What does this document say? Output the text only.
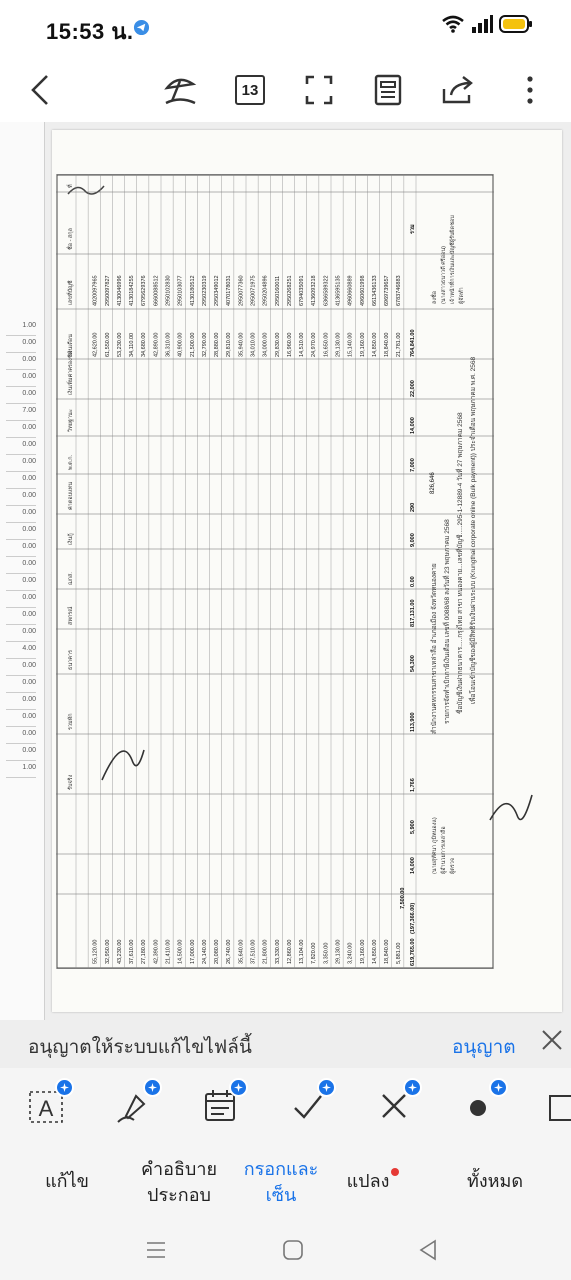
15:53 น.
13
1.00
0.00
0.00
0.00
0.00
7.00
0.00
0.00
0.00
0.00
0.00
0.00
0.00
0.00
0.00
0.00
0.00
0.00
0.00
4.00
0.00
0.00
0.00
0.00
0.00
0.00
1.00
สำนักงานคหกรรมสาขาเหล่าลือ อำเภอเมือง จังหวัดหนองคาย รายการจัดทำเบิกภาษีเงินเดือน เลขที่ 0088/68 ลงวันที่ 23 พฤษภาคม 2568 ชื่อบัญชีเงินฝากธนาคาร.....กรุงไทย สาขา หนองคาย...เลขที่บัญชี.....295-1-12889-4 วันที่ 27 พฤษภาคม 2568 เพื่อโอนเข้าบัญชีของผู้มีสิทธิรับเงินผ่านระบบ (Krungthai corporate online (Bulk payment)) ประจำเดือน พฤษภาคม พ.ศ. 2568
ที่
ชื่อ - สกุล
เลขที่บัญชี
เงินเดือน
เงินเพิ่มค่าครองชีพ
วิทยฐานะ
พ.ต.ก.
ค่าตอบแทน
เงินกู้
ฌกส.
สหกรณ์
ธนาคาร
รวมหัก
รับจริง
4020097965
42,620.00
55,120.00
2950097827
61,550.00
32,950.00
4130046996
53,230.00
43,230.00
4130184255
34,110.00
37,610.00
6795629376
34,680.00
27,180.00
6660088512
42,890.00
42,390.00
2950102830
36,310.00
21,410.00
2950103077
40,900.00
14,500.00
4130180512
21,500.00
17,000.00
2950230319
32,790.00
24,140.00
2950349012
28,880.00
20,080.00
4070178031
29,810.00
26,740.00
2950077360
35,940.00
35,640.00
2950071975
34,010.00
37,510.00
2950204896
34,000.00
21,800.00
2950160011
29,830.00
33,330.00
2950268251
16,960.00
12,860.00
6794035091
14,510.00
13,104.00
4136093218
24,970.00
7,820.00
6366589322
16,650.00
3,350.00
4136595135
29,130.00
29,130.00
4960660889
15,140.00
3,240.00
4960601998
19,160.00
19,160.00
6613436133
14,850.00
14,850.00
6969739657
18,840.00
18,840.00
6783746883
21,781.00
5,881.00
รวม
764,841.00
22,000
14,000
7,000
290
9,000
0.00
817,131.00
54,300
113,900
1,766
5,900
14,000
(197,366.00)
619,765.00
826,646
7,500.00
ลงชื่อ (นางสาวธนาวดี ศรีอ่อน) เจ้าหน้าที่การเงินและบัญชีผู้รับผิดชอบ ผู้จัดทำ
(นายสุทัศนา ภูมิหนองแ) ผู้อำนวยการเหล่าลือ ผู้ตรวจ
อนุญาตให้ระบบแก้ไขไฟล์นี้	อนุญาต
A
แก้ไข
คำอธิบาย
ประกอบ
กรอกและ
เซ็น
แปลง	ทั้งหมด
